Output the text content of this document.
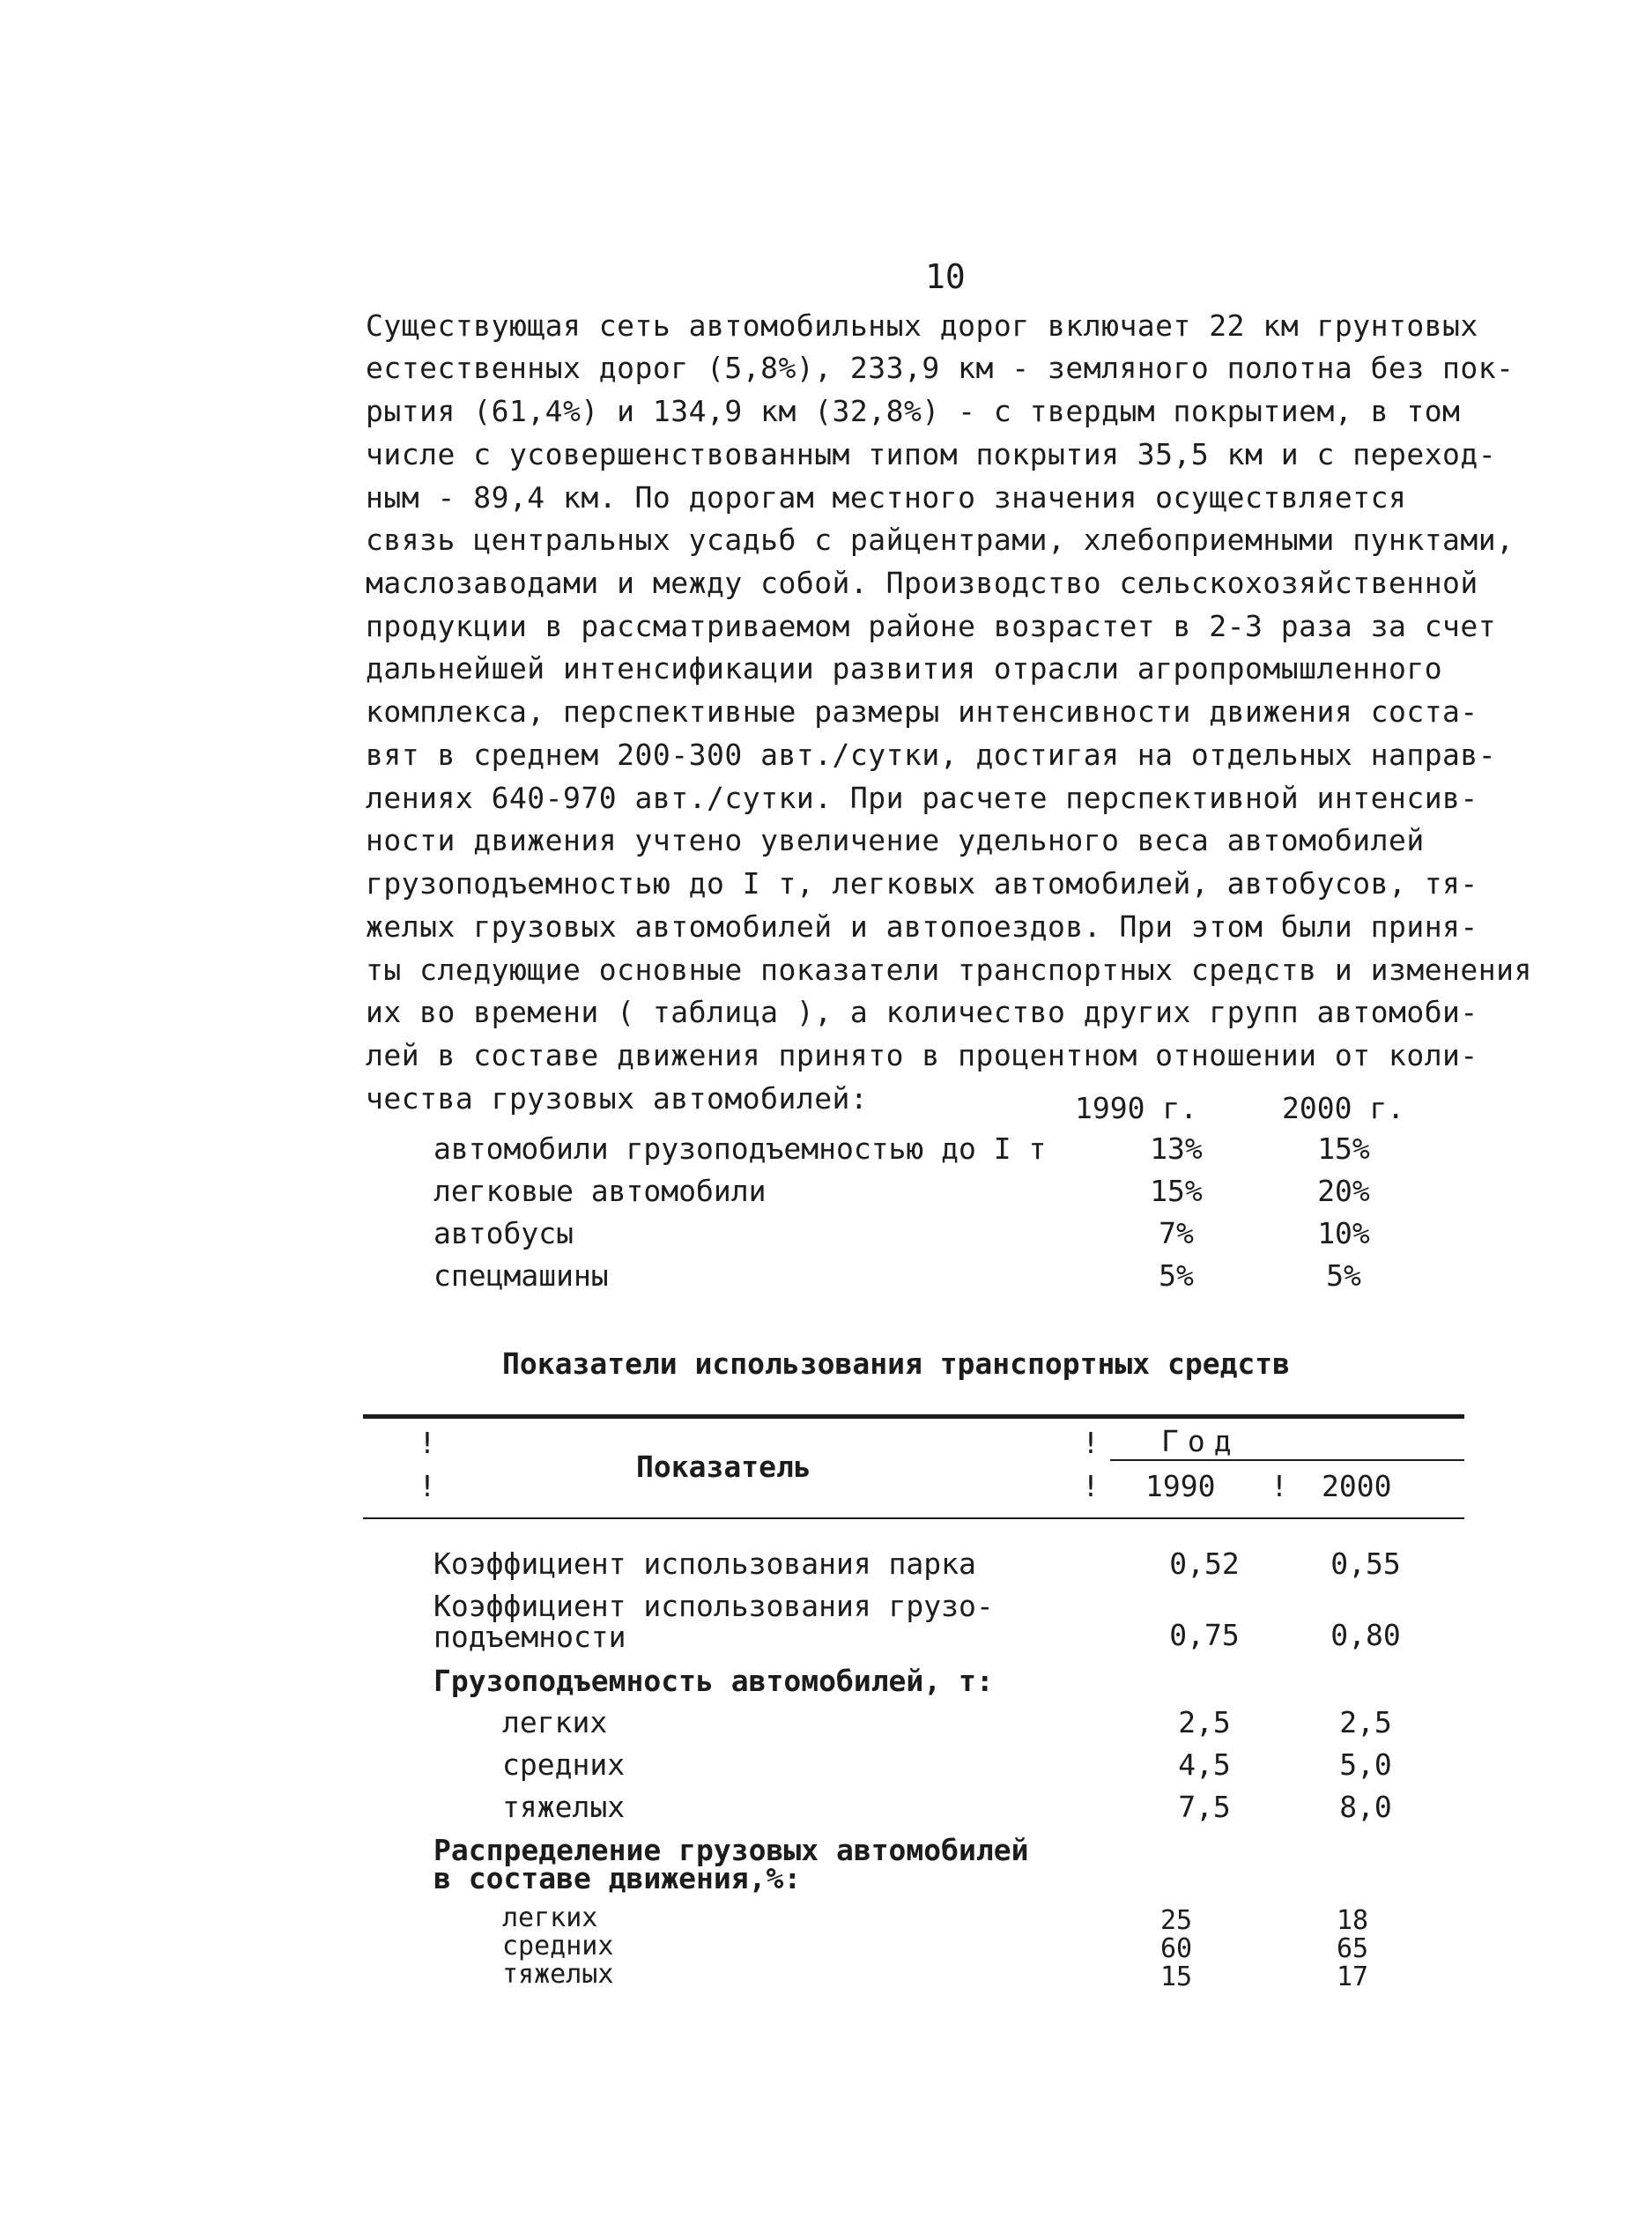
10
Существующая сеть автомобильных дорог включает 22 км грунтовых
естественных дорог (5,8%), 233,9 км - земляного полотна без пок-
рытия (61,4%) и 134,9 км (32,8%) - с твердым покрытием, в том
числе с усовершенствованным типом покрытия 35,5 км и с переход-
ным - 89,4 км. По дорогам местного значения осуществляется
связь центральных усадьб с райцентрами, хлебоприемными пунктами,
маслозаводами и между собой. Производство сельскохозяйственной
продукции в рассматриваемом районе возрастет в 2-3 раза за счет
дальнейшей интенсификации развития отрасли агропромышленного
комплекса, перспективные размеры интенсивности движения соста-
вят в среднем 200-300 авт./сутки, достигая на отдельных направ-
лениях 640-970 авт./сутки. При расчете перспективной интенсив-
ности движения учтено увеличение удельного веса автомобилей
грузоподъемностью до I т, легковых автомобилей, автобусов, тя-
желых грузовых автомобилей и автопоездов. При этом были приня-
ты следующие основные показатели транспортных средств и изменения
их во времени ( таблица ), а количество других групп автомоби-
лей в составе движения принято в процентном отношении от коли-
чества грузовых автомобилей:	1990 г.	2000 г.
автомобили грузоподъемностью до I т	13%	15%
легковые автомобили	15%	20%
автобусы	7%	10%
спецмашины	5%	5%
Показатели использования транспортных средств
!
!
Показатель
!
!
Год
1990 ! 2000
Коэффициент использования парка	0,52	0,55
Коэффициент использования грузо-
подъемности	0,75	0,80
Грузоподъемность автомобилей, т:
легких	2,5	2,5
средних	4,5	5,0
тяжелых	7,5	8,0
Распределение грузовых автомобилей
в составе движения,%:
легких	25	18
средних	60	65
тяжелых	15	17
